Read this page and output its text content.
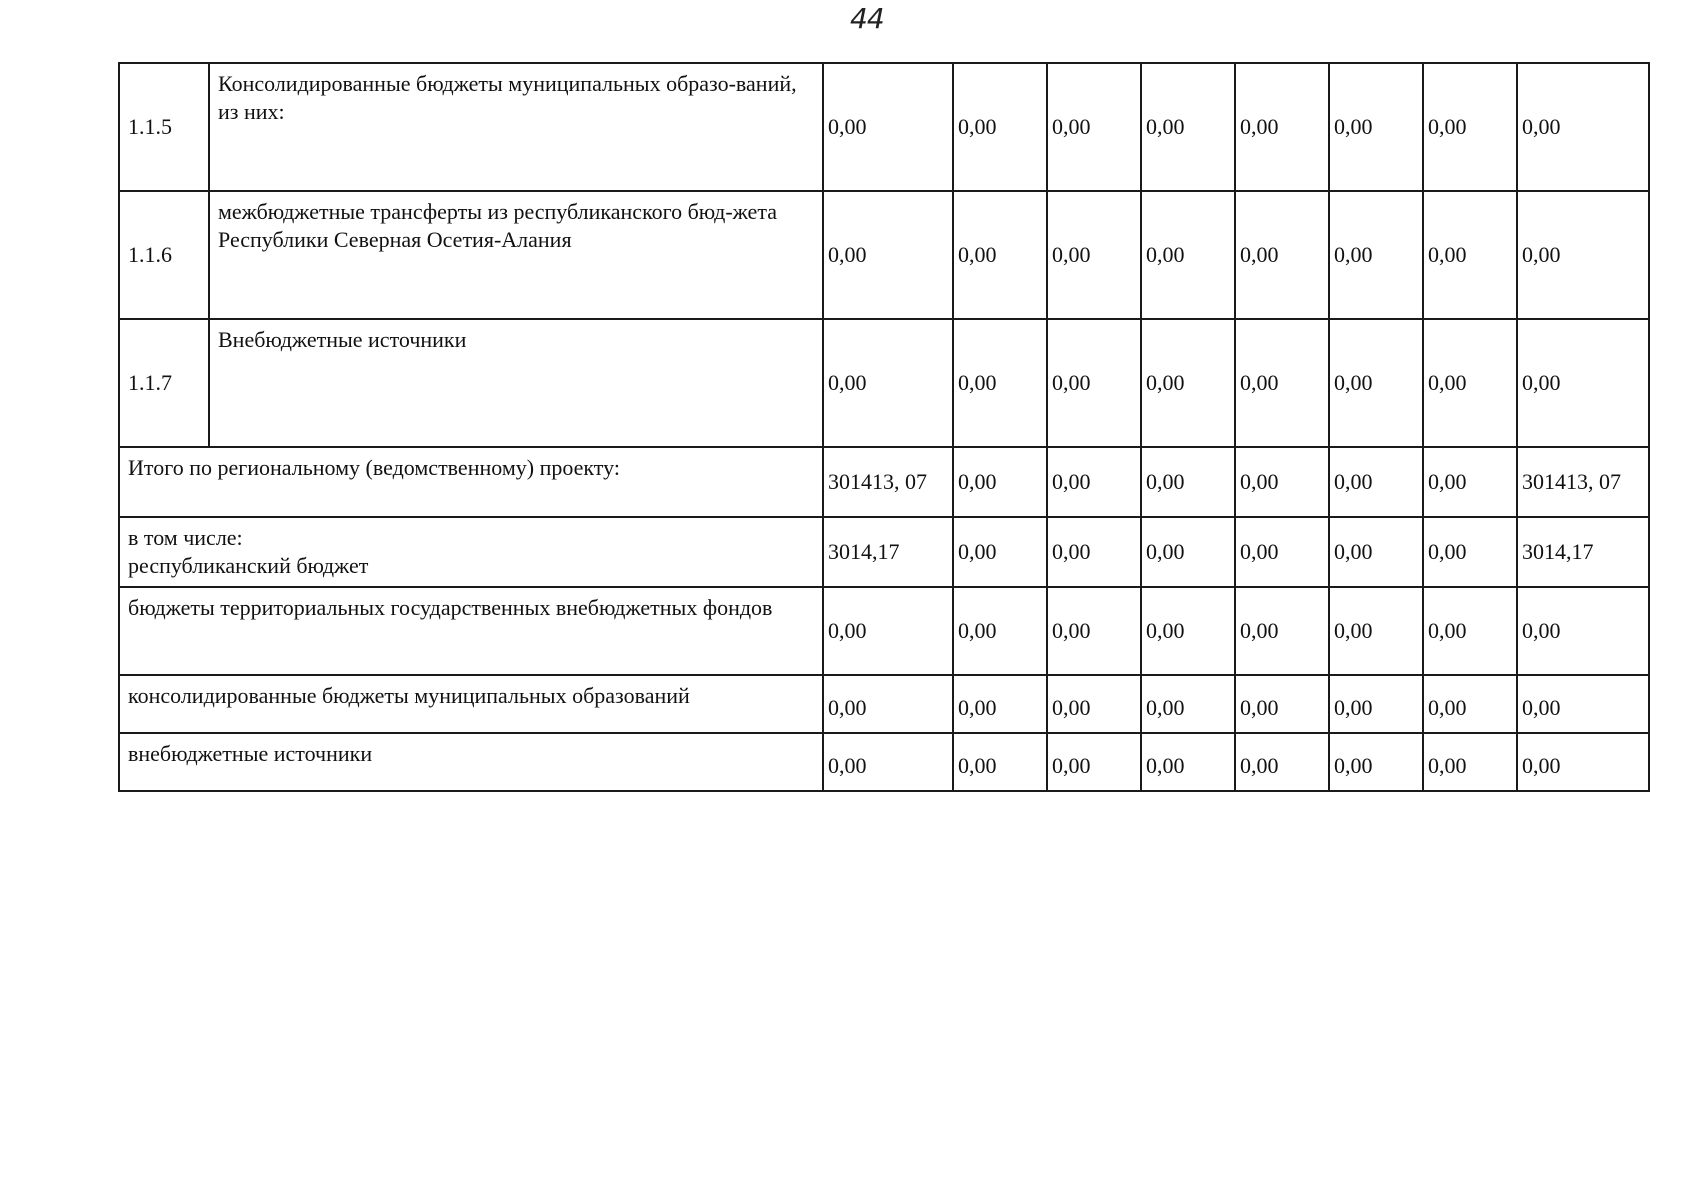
44
1.1.5	Консолидированные бюджеты муниципальных образо-ваний, из них:	0,00	0,00	0,00	0,00	0,00	0,00	0,00	0,00
1.1.6	межбюджетные трансферты из республиканского бюд-жета Республики Северная Осетия-Алания	0,00	0,00	0,00	0,00	0,00	0,00	0,00	0,00
1.1.7	Внебюджетные источники	0,00	0,00	0,00	0,00	0,00	0,00	0,00	0,00
Итого по региональному (ведомственному) проекту:		301413, 07	0,00	0,00	0,00	0,00	0,00	0,00	301413, 07

в том числе:
республиканский бюджет		3014,17	0,00	0,00	0,00	0,00	0,00	0,00	3014,17
бюджеты территориальных государственных внебюджетных фондов		0,00	0,00	0,00	0,00	0,00	0,00	0,00	0,00
консолидированные бюджеты муниципальных образований		0,00	0,00	0,00	0,00	0,00	0,00	0,00	0,00
внебюджетные источники		0,00	0,00	0,00	0,00	0,00	0,00	0,00	0,00
